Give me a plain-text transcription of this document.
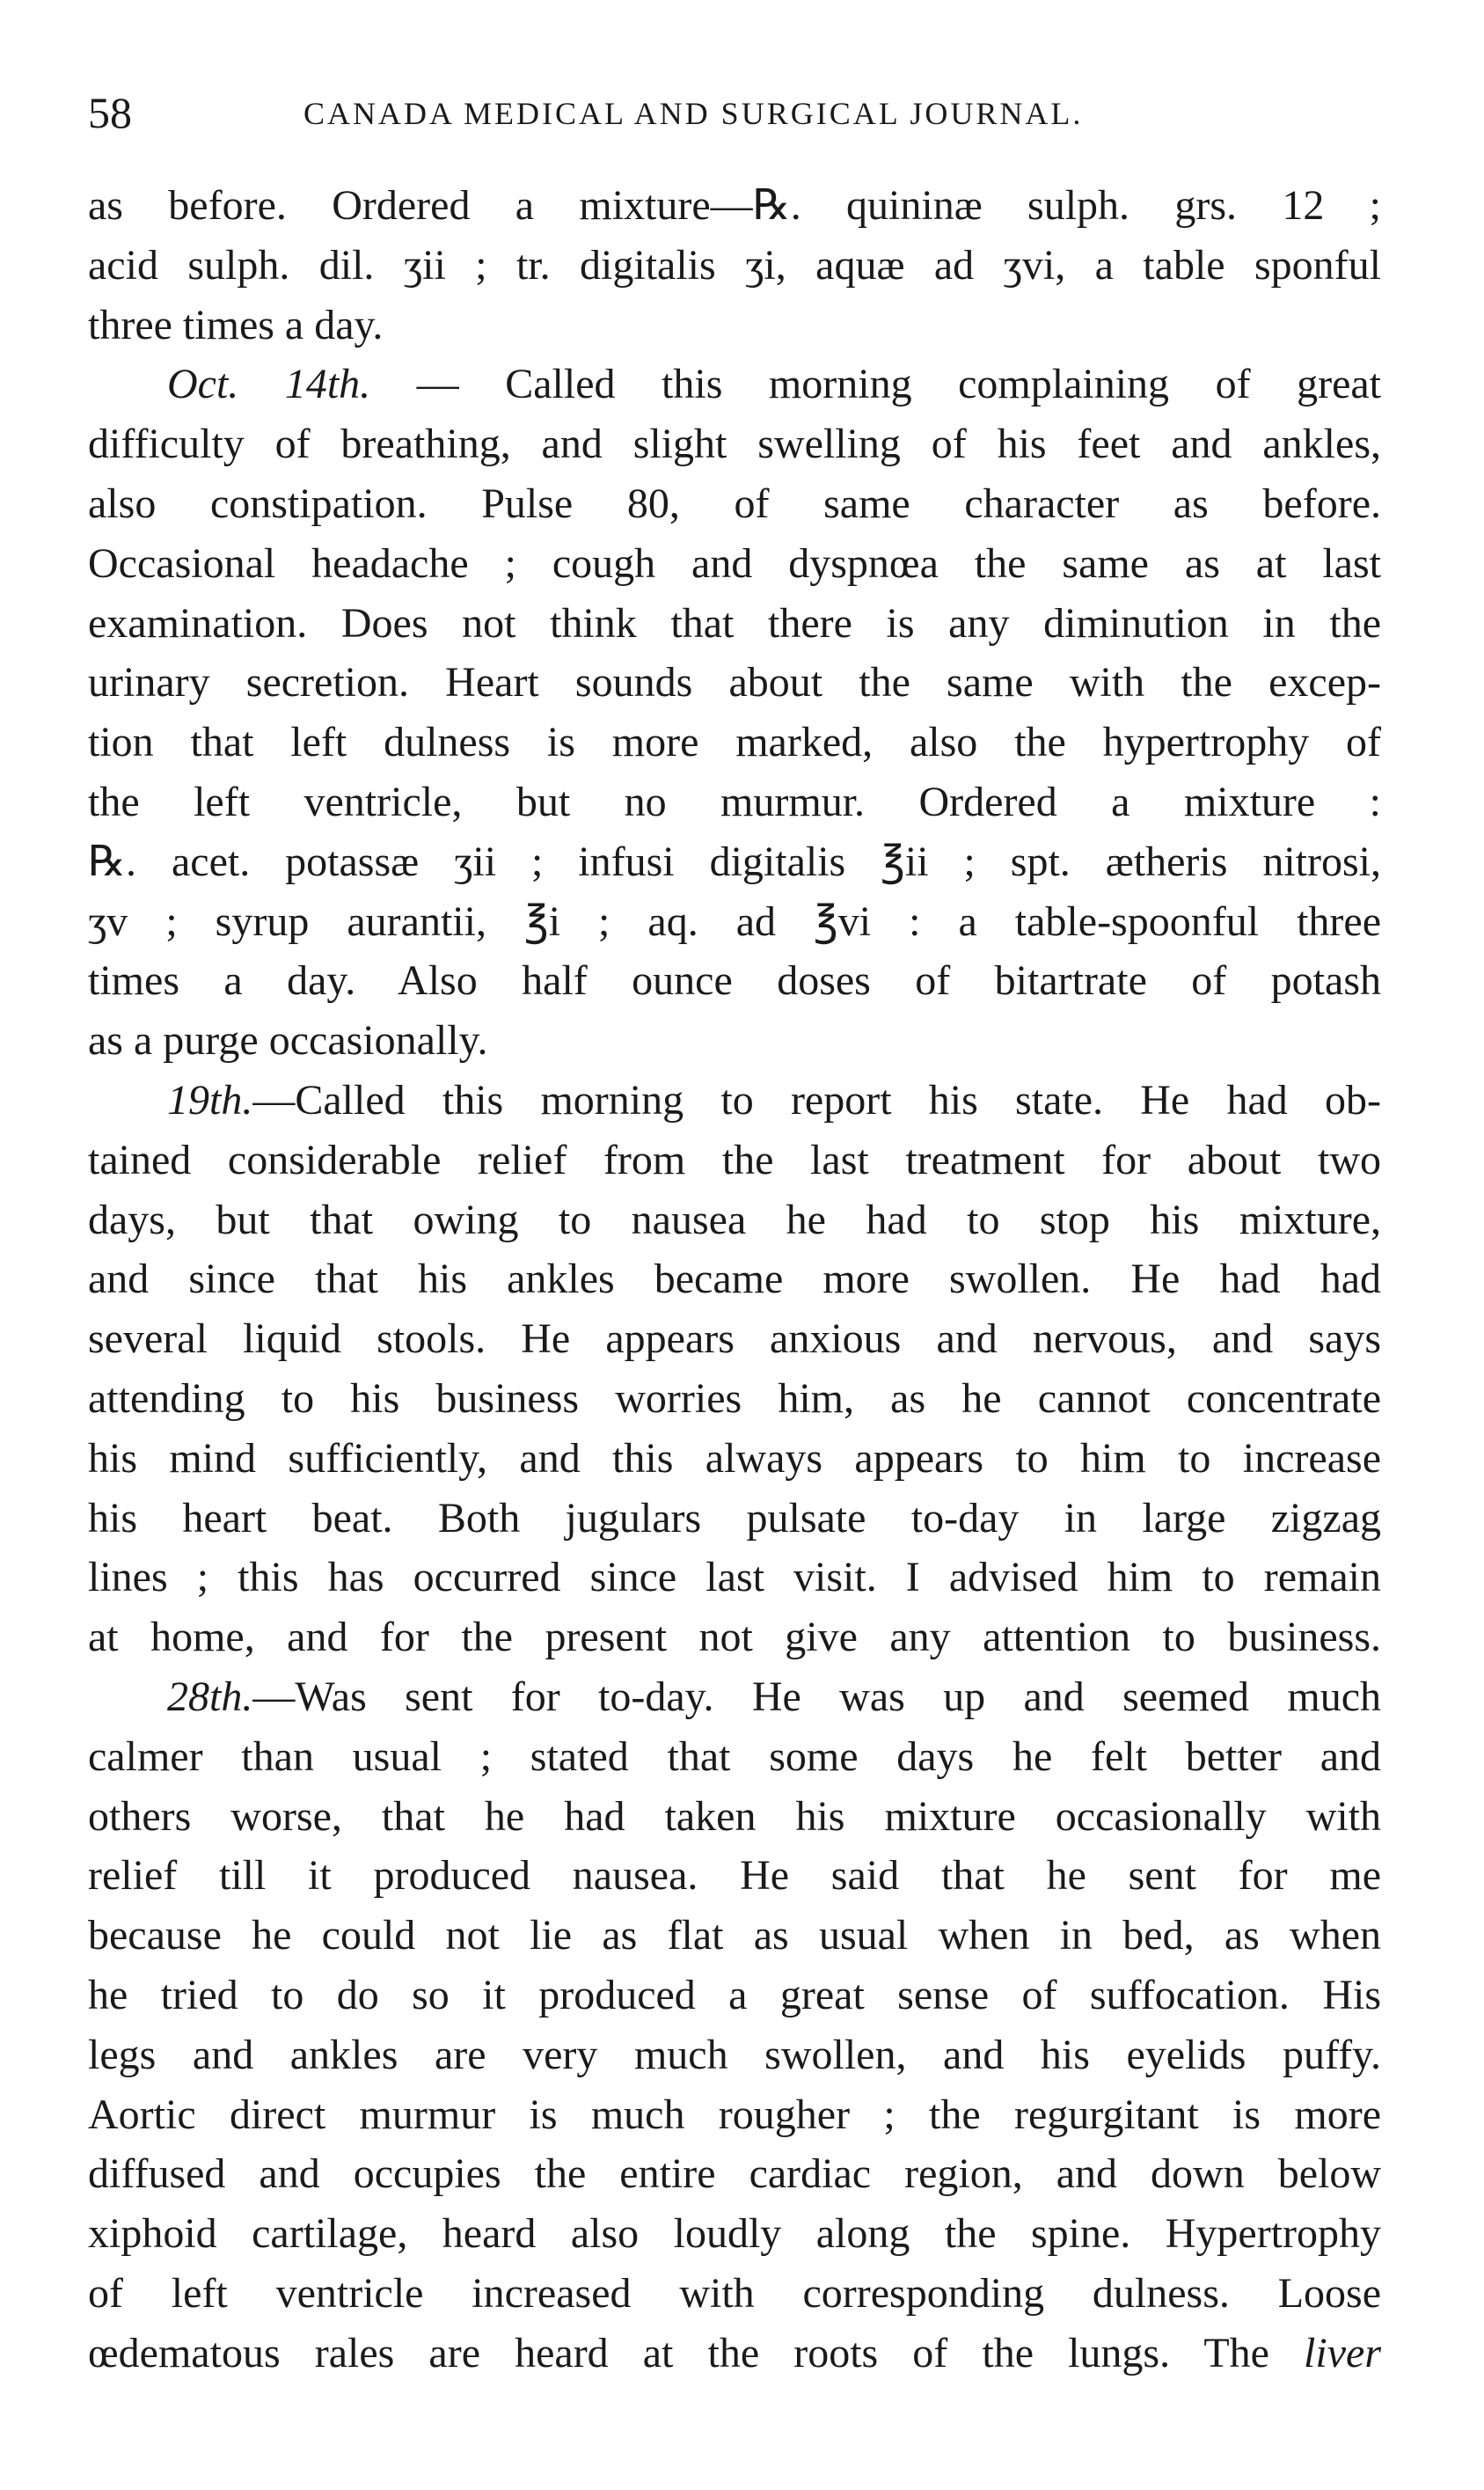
58	CANADA MEDICAL AND SURGICAL JOURNAL.
as before. Ordered a mixture—℞. quininæ sulph. grs. 12 ;
acid sulph. dil. ʒii ; tr. digitalis ʒi, aquæ ad ʒvi, a table sponful
three times a day.
Oct. 14th. — Called this morning complaining of great
difficulty of breathing, and slight swelling of his feet and ankles,
also constipation. Pulse 80, of same character as before.
Occasional headache ; cough and dyspnœa the same as at last
examination. Does not think that there is any diminution in the
urinary secretion. Heart sounds about the same with the excep-
tion that left dulness is more marked, also the hypertrophy of
the left ventricle, but no murmur. Ordered a mixture :
℞. acet. potassæ ʒii ; infusi digitalis ℥ii ; spt. ætheris nitrosi,
ʒv ; syrup aurantii, ℥i ; aq. ad ℥vi : a table-spoonful three
times a day. Also half ounce doses of bitartrate of potash
as a purge occasionally.
19th.—Called this morning to report his state. He had ob-
tained considerable relief from the last treatment for about two
days, but that owing to nausea he had to stop his mixture,
and since that his ankles became more swollen. He had had
several liquid stools. He appears anxious and nervous, and says
attending to his business worries him, as he cannot concentrate
his mind sufficiently, and this always appears to him to increase
his heart beat. Both jugulars pulsate to-day in large zigzag
lines ; this has occurred since last visit. I advised him to remain
at home, and for the present not give any attention to business.
28th.—Was sent for to-day. He was up and seemed much
calmer than usual ; stated that some days he felt better and
others worse, that he had taken his mixture occasionally with
relief till it produced nausea. He said that he sent for me
because he could not lie as flat as usual when in bed, as when
he tried to do so it produced a great sense of suffocation. His
legs and ankles are very much swollen, and his eyelids puffy.
Aortic direct murmur is much rougher ; the regurgitant is more
diffused and occupies the entire cardiac region, and down below
xiphoid cartilage, heard also loudly along the spine. Hypertrophy
of left ventricle increased with corresponding dulness. Loose
œdematous rales are heard at the roots of the lungs. The liver
